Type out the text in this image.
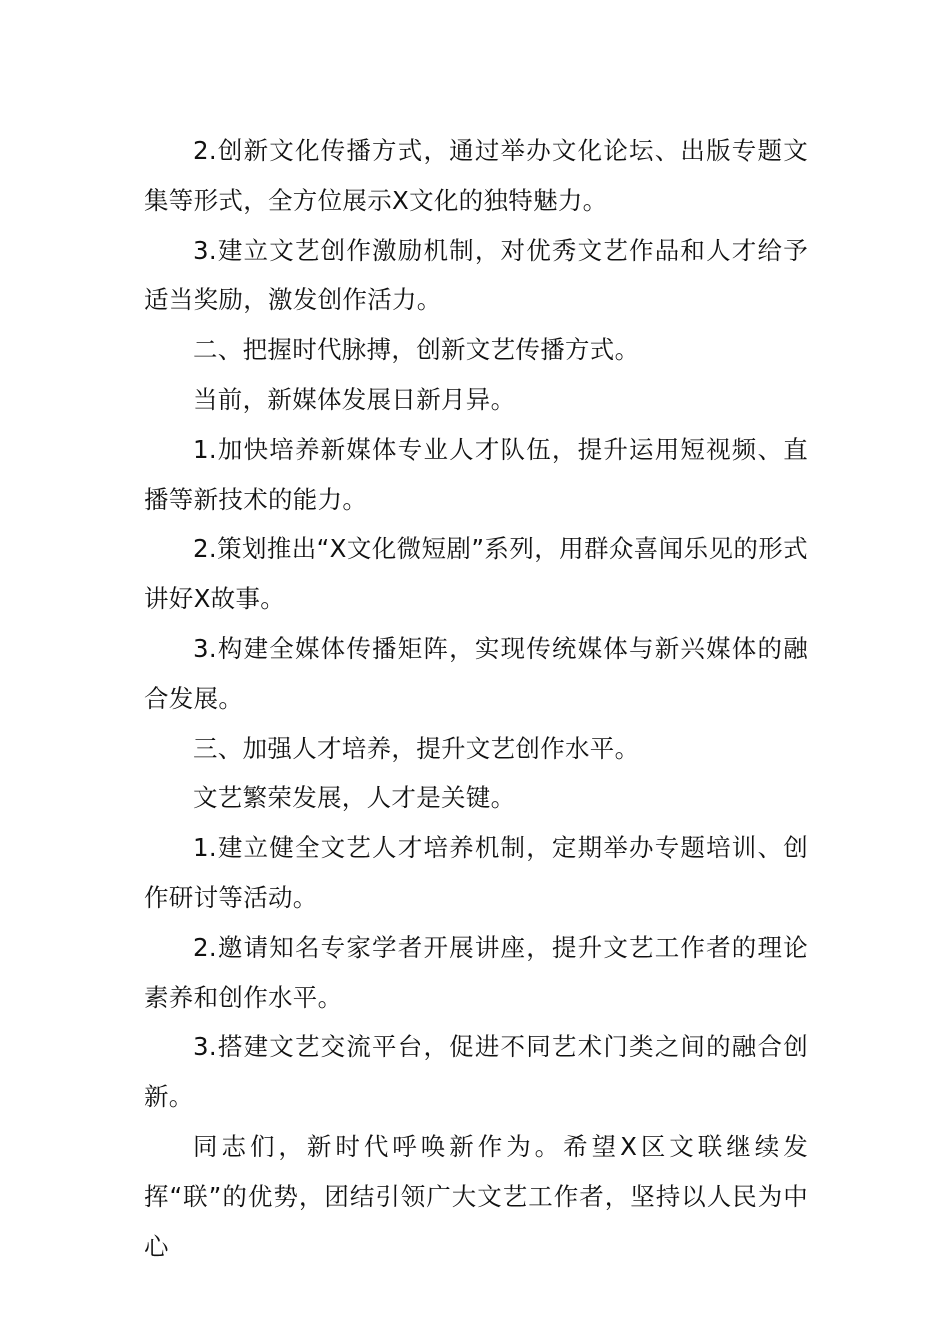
2.创新文化传播方式，通过举办文化论坛、出版专题文集等形式，全方位展示X文化的独特魅力。

3.建立文艺创作激励机制，对优秀文艺作品和人才给予适当奖励，激发创作活力。

二、把握时代脉搏，创新文艺传播方式。

当前，新媒体发展日新月异。

1.加快培养新媒体专业人才队伍，提升运用短视频、直播等新技术的能力。

2.策划推出“X文化微短剧”系列，用群众喜闻乐见的形式讲好X故事。

3.构建全媒体传播矩阵，实现传统媒体与新兴媒体的融合发展。

三、加强人才培养，提升文艺创作水平。

文艺繁荣发展，人才是关键。

1.建立健全文艺人才培养机制，定期举办专题培训、创作研讨等活动。

2.邀请知名专家学者开展讲座，提升文艺工作者的理论素养和创作水平。

3.搭建文艺交流平台，促进不同艺术门类之间的融合创新。

同志们，新时代呼唤新作为。希望X区文联继续发挥“联”的优势，团结引领广大文艺工作者，坚持以人民为中心
